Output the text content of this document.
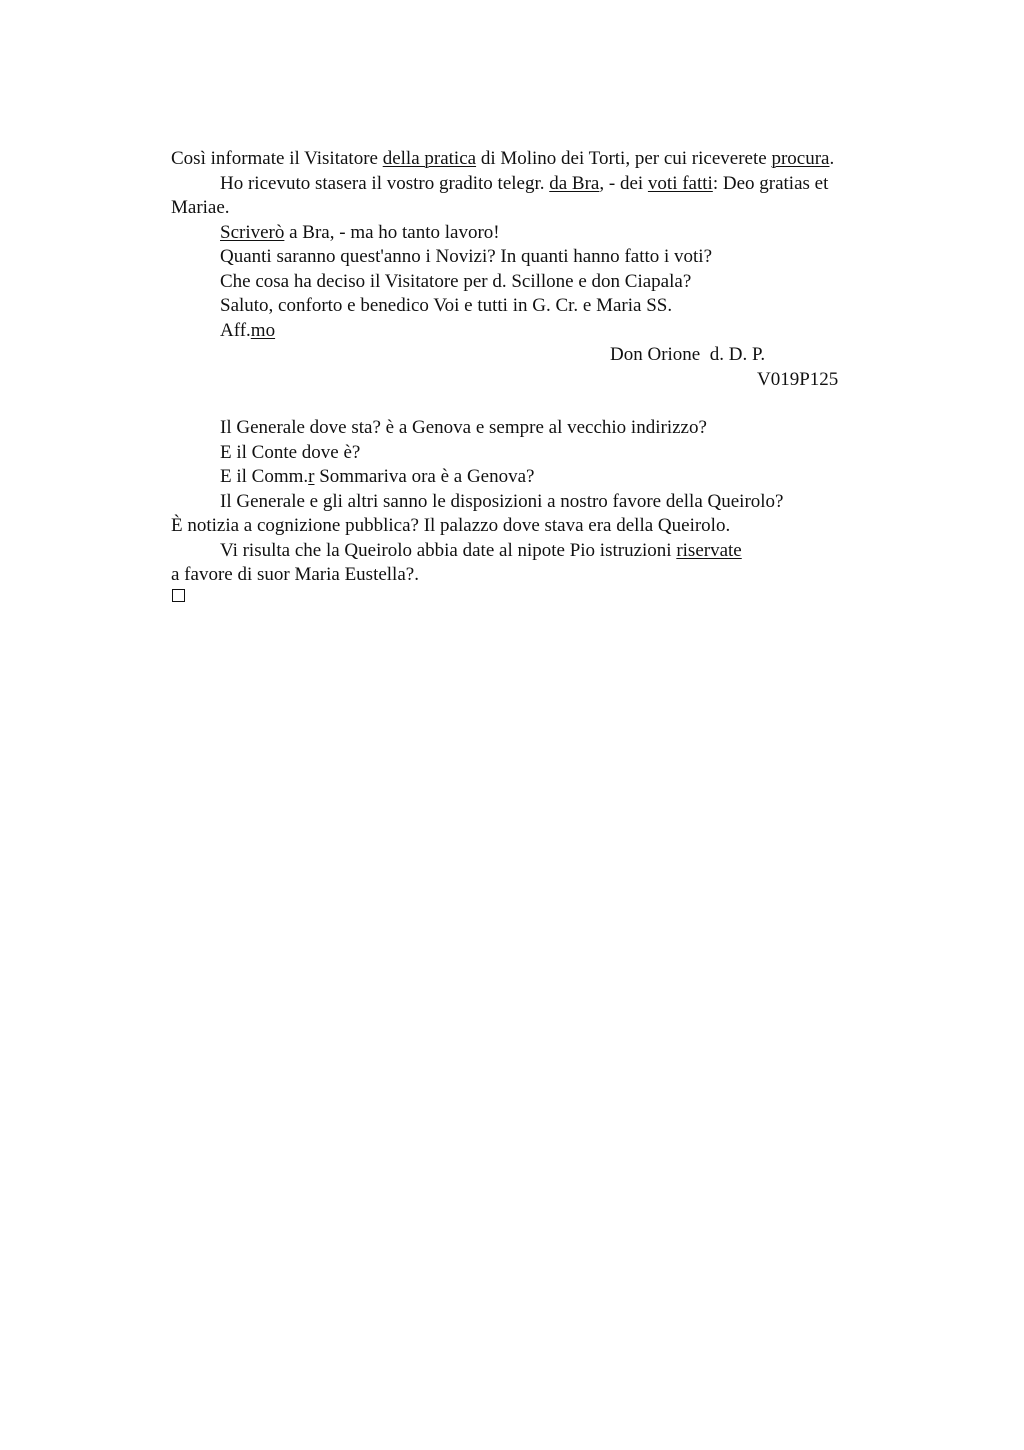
Così informate il Visitatore della pratica di Molino dei Torti, per cui riceverete procura.
Ho ricevuto stasera il vostro gradito telegr. da Bra, - dei voti fatti: Deo gratias et
Mariae.
Scriverò a Bra, - ma ho tanto lavoro!
Quanti saranno quest'anno i Novizi? In quanti hanno fatto i voti?
Che cosa ha deciso il Visitatore per d. Scillone e don Ciapala?
Saluto, conforto e benedico Voi e tutti in G. Cr. e Maria SS.
Aff.mo
Don Orione  d. D. P.
V019P125
Il Generale dove sta? è a Genova e sempre al vecchio indirizzo?
E il Conte dove è?
E il Comm.r Sommariva ora è a Genova?
Il Generale e gli altri sanno le disposizioni a nostro favore della Queirolo?
È notizia a cognizione pubblica? Il palazzo dove stava era della Queirolo.
Vi risulta che la Queirolo abbia date al nipote Pio istruzioni riservate
a favore di suor Maria Eustella?.
